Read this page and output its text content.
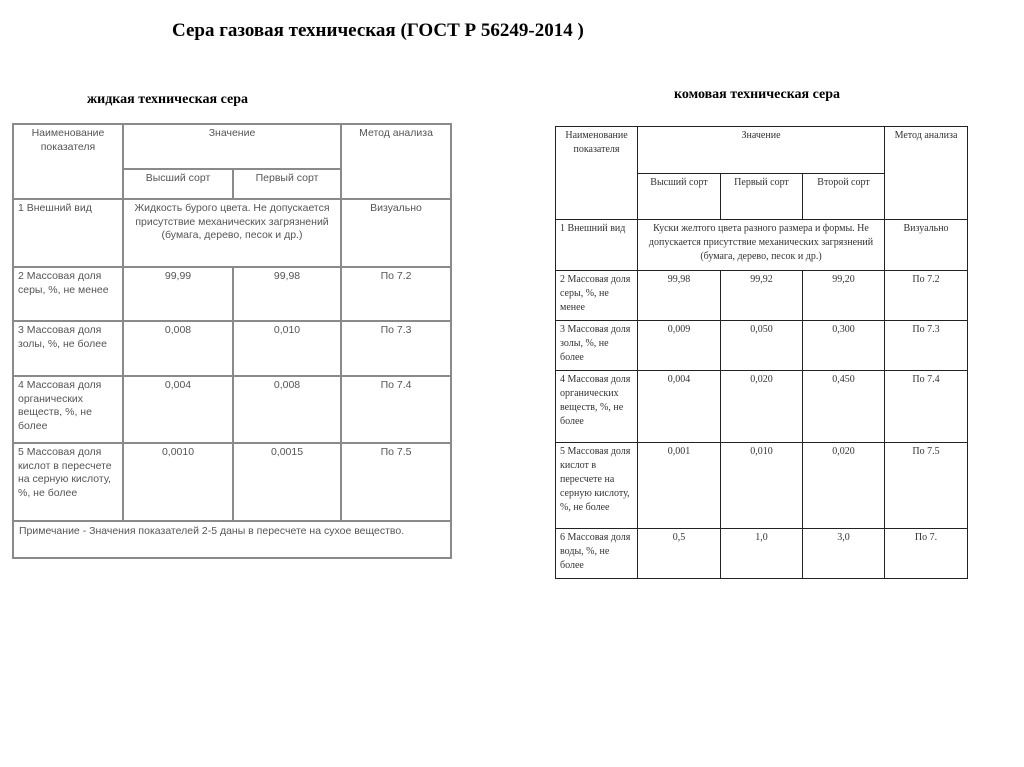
Сера газовая техническая (ГОСТ Р 56249-2014 )
жидкая техническая сера	комовая техническая сера
Наименование показателя	Значение		Метод анализа
	Высший сорт	Первый сорт	
1 Внешний вид	Жидкость бурого цвета. Не допускается присутствие механических загрязнений (бумага, дерево, песок и др.)		Визуально
2 Массовая доля серы, %, не менее	99,99	99,98	По 7.2
3 Массовая доля золы, %, не более	0,008	0,010	По 7.3
4 Массовая доля органических веществ, %, не более	0,004	0,008	По 7.4
5 Массовая доля кислот в пересчете на серную кислоту, %, не более	0,0010	0,0015	По 7.5
Примечание - Значения показателей 2-5 даны в пересчете на сухое вещество.			
Наименование показателя	Значение			Метод анализа
	Высший сорт	Первый сорт	Второй сорт	
1 Внешний вид	Куски желтого цвета разного размера и формы. Не допускается присутствие механических загрязнений (бумага, дерево, песок и др.)			Визуально
2 Массовая доля серы, %, не менее	99,98	99,92	99,20	По 7.2
3 Массовая доля золы, %, не более	0,009	0,050	0,300	По 7.3
4 Массовая доля органических веществ, %, не более	0,004	0,020	0,450	По 7.4
5 Массовая доля кислот в пересчете на серную кислоту, %, не более	0,001	0,010	0,020	По 7.5
6 Массовая доля воды, %, не более	0,5	1,0	3,0	По 7.
